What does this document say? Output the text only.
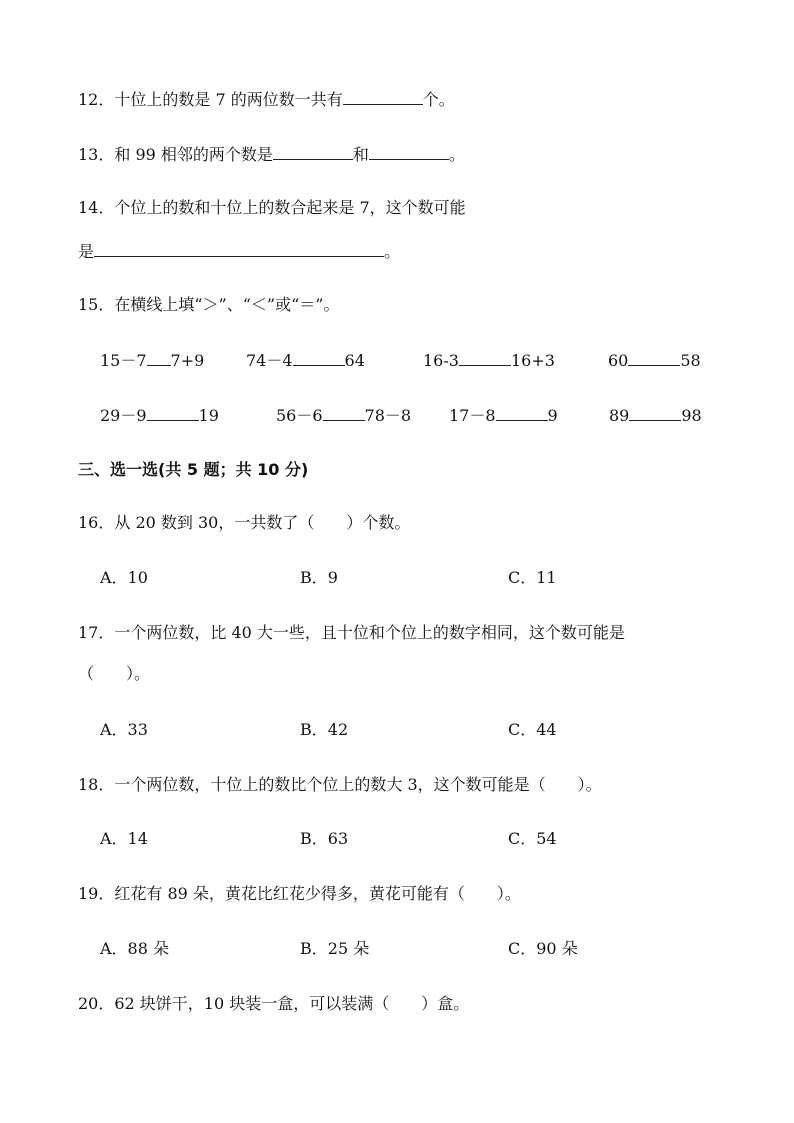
12．十位上的数是 7 的两位数一共有	个。
13．和 99 相邻的两个数是	和	。
14．个位上的数和十位上的数合起来是 7，这个数可能
是	。
15．在横线上填“＞”、“＜”或“＝”。
15－7 7+9	74－4	64	16-3	16+3	60	58
29－9	19	56－6	78－8 17－8	9	89	98
三、选一选(共 5 题；共 10 分)
16．从 20 数到 30，一共数了（　　）个数。
A．10	B．9	C．11
17．一个两位数，比 40 大一些，且十位和个位上的数字相同，这个数可能是
（　　）。
A．33	B．42	C．44
18．一个两位数，十位上的数比个位上的数大 3，这个数可能是（　　）。
A．14	B．63	C．54
19．红花有 89 朵，黄花比红花少得多，黄花可能有（　　）。
A．88 朵	B．25 朵	C．90 朵
20．62 块饼干，10 块装一盒，可以装满（　　）盒。
